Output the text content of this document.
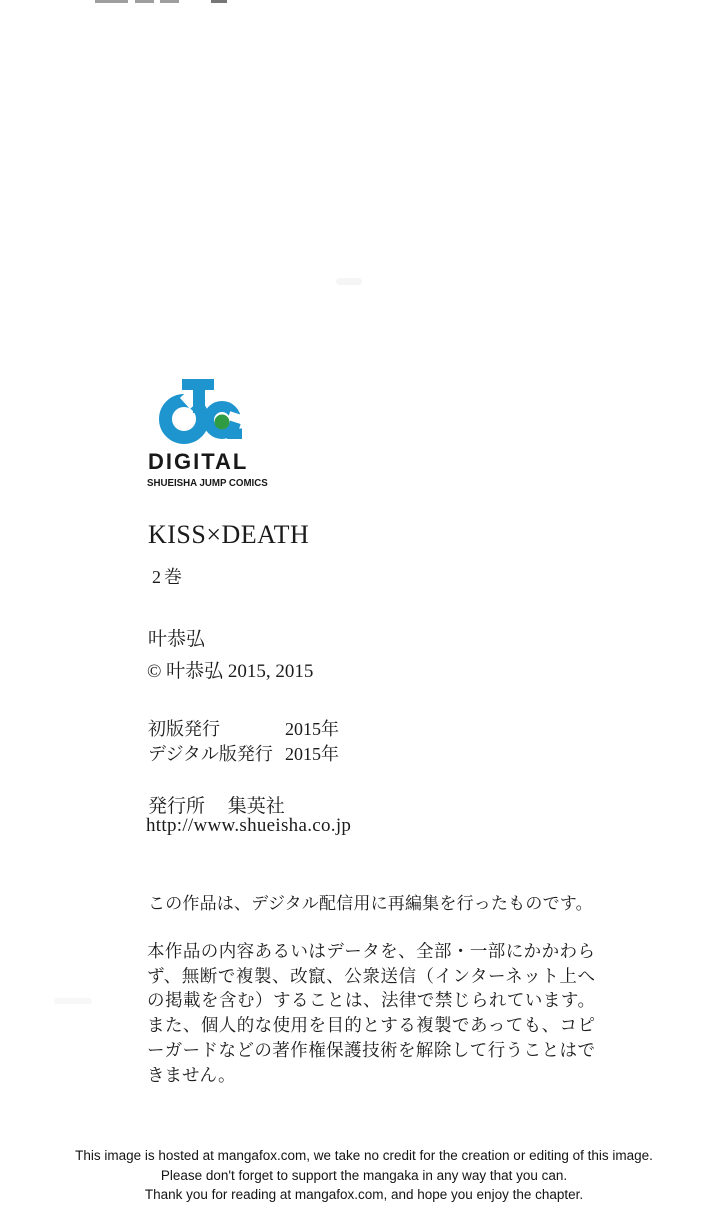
DIGITAL
SHUEISHA JUMP COMICS
KISS×DEATH
2巻
叶恭弘
© 叶恭弘 2015, 2015
初版発行	2015年
デジタル版発行 2015年
発行所 集英社
http://www.shueisha.co.jp
この作品は、デジタル配信用に再編集を行ったものです。
本作品の内容あるいはデータを、全部・一部にかかわらず、無断で複製、改竄、公衆送信（インターネット上への掲載を含む）することは、法律で禁じられています。また、個人的な使用を目的とする複製であっても、コピーガードなどの著作権保護技術を解除して行うことはできません。
This image is hosted at mangafox.com, we take no credit for the creation or editing of this image.
Please don't forget to support the mangaka in any way that you can.
Thank you for reading at mangafox.com, and hope you enjoy the chapter.
